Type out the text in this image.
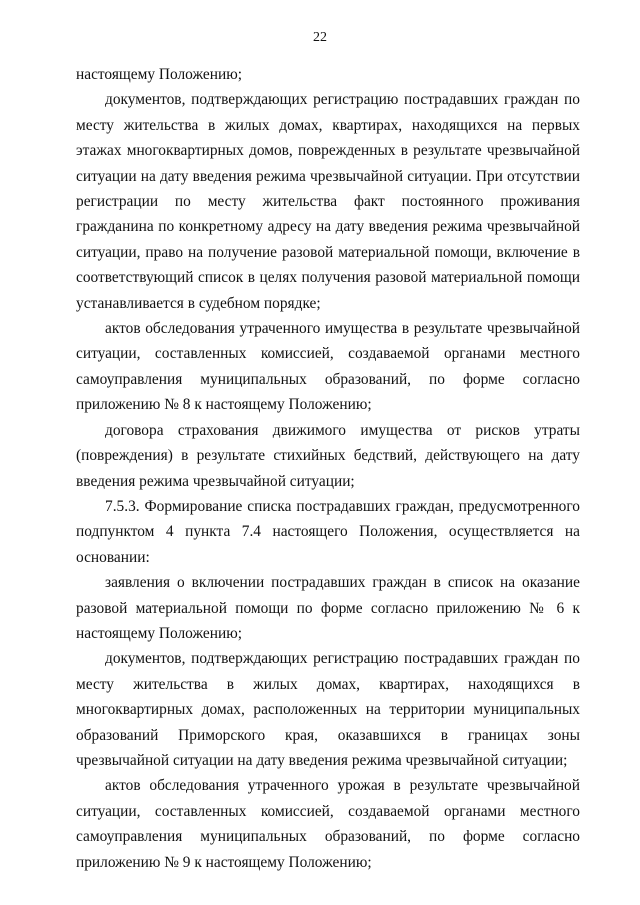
22

настоящему Положению;

документов, подтверждающих регистрацию пострадавших граждан по месту жительства в жилых домах, квартирах, находящихся на первых этажах многоквартирных домов, поврежденных в результате чрезвычайной ситуации на дату введения режима чрезвычайной ситуации. При отсутствии регистрации по месту жительства факт постоянного проживания гражданина по конкретному адресу на дату введения режима чрезвычайной ситуации, право на получение разовой материальной помощи, включение в соответствующий список в целях получения разовой материальной помощи устанавливается в судебном порядке;

актов обследования утраченного имущества в результате чрезвычайной ситуации, составленных комиссией, создаваемой органами местного самоуправления муниципальных образований, по форме согласно приложению № 8 к настоящему Положению;

договора страхования движимого имущества от рисков утраты (повреждения) в результате стихийных бедствий, действующего на дату введения режима чрезвычайной ситуации;

7.5.3. Формирование списка пострадавших граждан, предусмотренного подпунктом 4 пункта 7.4 настоящего Положения, осуществляется на основании:

заявления о включении пострадавших граждан в список на оказание разовой материальной помощи по форме согласно приложению № 6 к настоящему Положению;

документов, подтверждающих регистрацию пострадавших граждан по месту жительства в жилых домах, квартирах, находящихся в многоквартирных домах, расположенных на территории муниципальных образований Приморского края, оказавшихся в границах зоны чрезвычайной ситуации на дату введения режима чрезвычайной ситуации;

актов обследования утраченного урожая в результате чрезвычайной ситуации, составленных комиссией, создаваемой органами местного самоуправления муниципальных образований, по форме согласно приложению № 9 к настоящему Положению;
